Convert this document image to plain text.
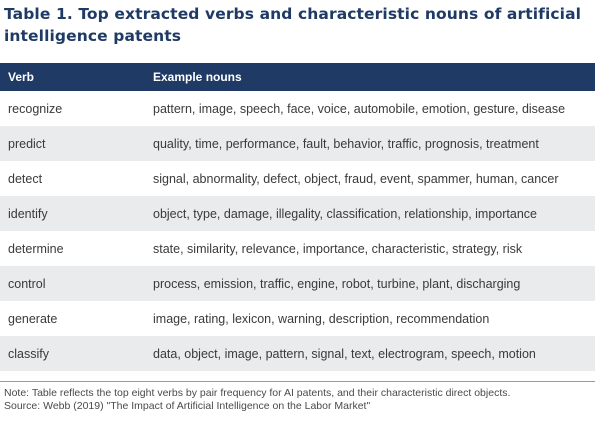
Table 1. Top extracted verbs and characteristic nouns of artificial intelligence patents
Verb	Example nouns
recognize	pattern, image, speech, face, voice, automobile, emotion, gesture, disease
predict	quality, time, performance, fault, behavior, traffic, prognosis, treatment
detect	signal, abnormality, defect, object, fraud, event, spammer, human, cancer
identify	object, type, damage, illegality, classification, relationship, importance
determine	state, similarity, relevance, importance, characteristic, strategy, risk
control	process, emission, traffic, engine, robot, turbine, plant, discharging
generate	image, rating, lexicon, warning, description, recommendation
classify	data, object, image, pattern, signal, text, electrogram, speech, motion
Note: Table reflects the top eight verbs by pair frequency for AI patents, and their characteristic direct objects.
Source: Webb (2019) "The Impact of Artificial Intelligence on the Labor Market"
